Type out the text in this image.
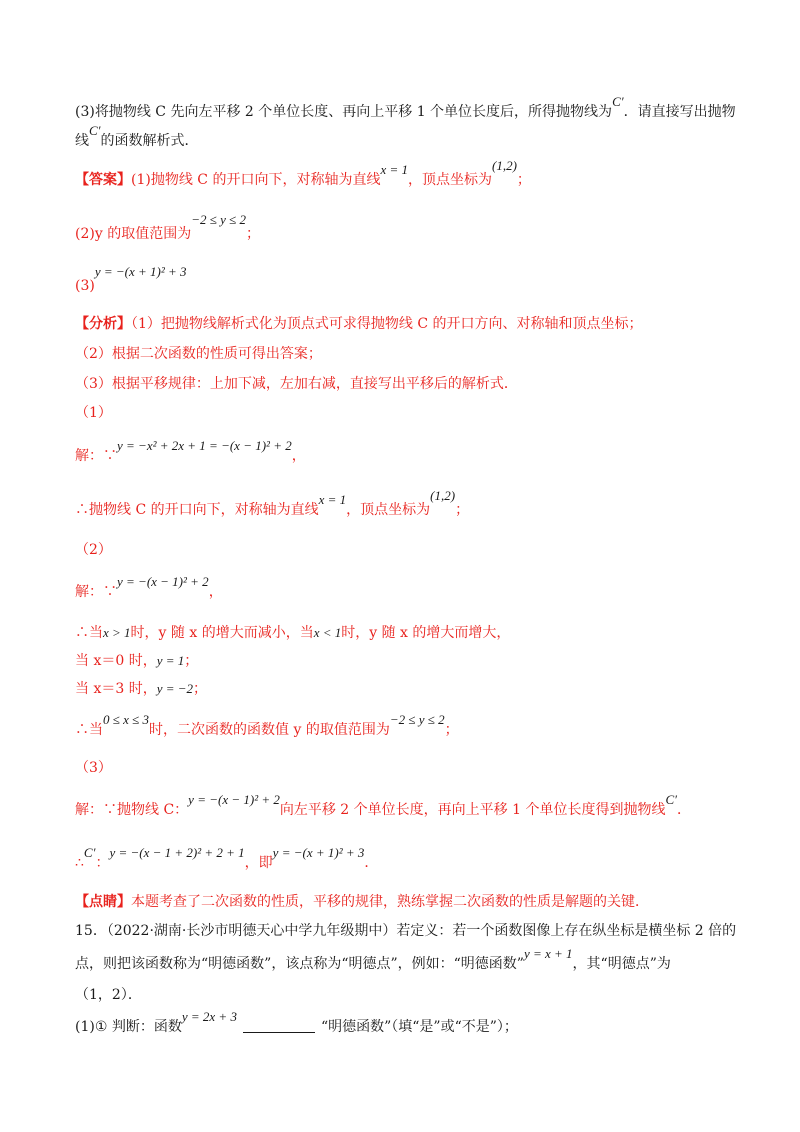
(3)将抛物线 C 先向左平移 2 个单位长度、再向上平移 1 个单位长度后，所得抛物线为C′．请直接写出抛物
线C′的函数解析式．
【答案】(1)抛物线 C 的开口向下，对称轴为直线x = 1，顶点坐标为(1,2)；
(2)y 的取值范围为−2 ≤ y ≤ 2；
(3)y = −(x + 1)² + 3
【分析】（1）把抛物线解析式化为顶点式可求得抛物线 C 的开口方向、对称轴和顶点坐标；
（2）根据二次函数的性质可得出答案；
（3）根据平移规律：上加下减，左加右减，直接写出平移后的解析式．
（1）
解：∵y = −x² + 2x + 1 = −(x − 1)² + 2，
∴抛物线 C 的开口向下，对称轴为直线x = 1，顶点坐标为(1,2)；
（2）
解：∵y = −(x − 1)² + 2，
∴当x > 1时，y 随 x 的增大而减小，当x < 1时，y 随 x 的增大而增大，
当 x＝0 时，y = 1；
当 x＝3 时，y = −2；
∴当0 ≤ x ≤ 3时，二次函数的函数值 y 的取值范围为−2 ≤ y ≤ 2；
（3）
解：∵抛物线 C：y = −(x − 1)² + 2向左平移 2 个单位长度，再向上平移 1 个单位长度得到抛物线C′．
∴C′：y = −(x − 1 + 2)² + 2 + 1，即y = −(x + 1)² + 3．
【点睛】本题考查了二次函数的性质，平移的规律，熟练掌握二次函数的性质是解题的关键．
15．（2022·湖南·长沙市明德天心中学九年级期中）若定义：若一个函数图像上存在纵坐标是横坐标 2 倍的
点，则把该函数称为“明德函数”，该点称为“明德点”，例如：“明德函数”y = x + 1，其“明德点”为
（1，2）．
(1)① 判断：函数y = 2x + 3“明德函数”（填“是”或“不是”）；
